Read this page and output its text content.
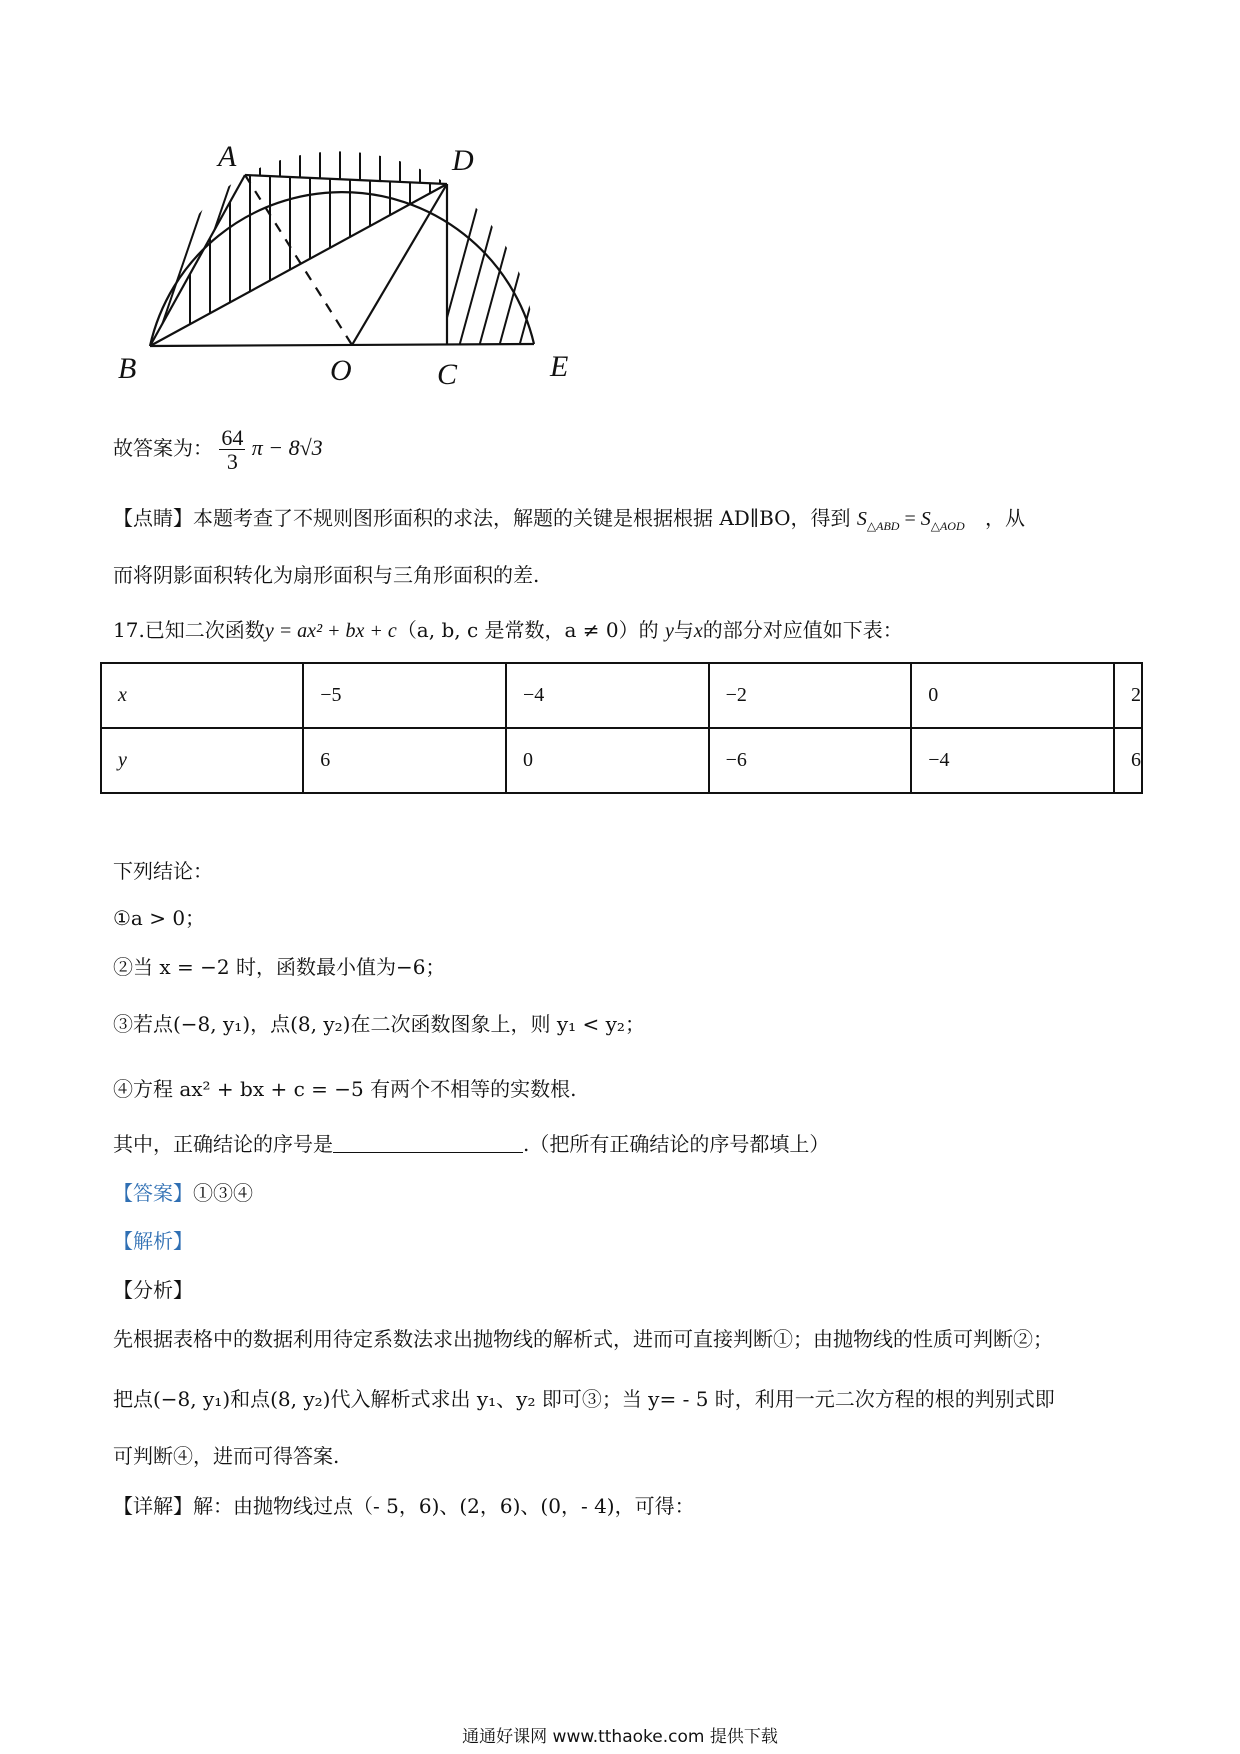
A	D
B	O	C	E
故答案为： $\frac{64}{3}$ π − 8√3
【点睛】本题考查了不规则图形面积的求法，解题的关键是根据根据 AD∥BO，得到 $S_{\triangle ABD} = S_{\triangle AOD}$ ，从
而将阴影面积转化为扇形面积与三角形面积的差.
17.已知二次函数y = ax² + bx + c（a, b, c 是常数，a ≠ 0）的 y与x的部分对应值如下表：
x	−5	−4	−2	0	2
y	6	0	−6	−4	6
下列结论：
①a > 0；
②当 x = −2 时，函数最小值为−6；
③若点(−8, y₁)，点(8, y₂)在二次函数图象上，则 y₁ < y₂；
④方程 ax² + bx + c = −5 有两个不相等的实数根.
其中，正确结论的序号是	.（把所有正确结论的序号都填上）
【答案】①③④
【解析】
【分析】
先根据表格中的数据利用待定系数法求出抛物线的解析式，进而可直接判断①；由抛物线的性质可判断②；
把点(−8, y₁)和点(8, y₂)代入解析式求出 y₁、y₂ 即可③；当 y= - 5 时，利用一元二次方程的根的判别式即
可判断④，进而可得答案.
【详解】解：由抛物线过点（- 5，6)、(2，6)、(0，- 4)，可得：
通通好课网 www.tthaoke.com 提供下载
